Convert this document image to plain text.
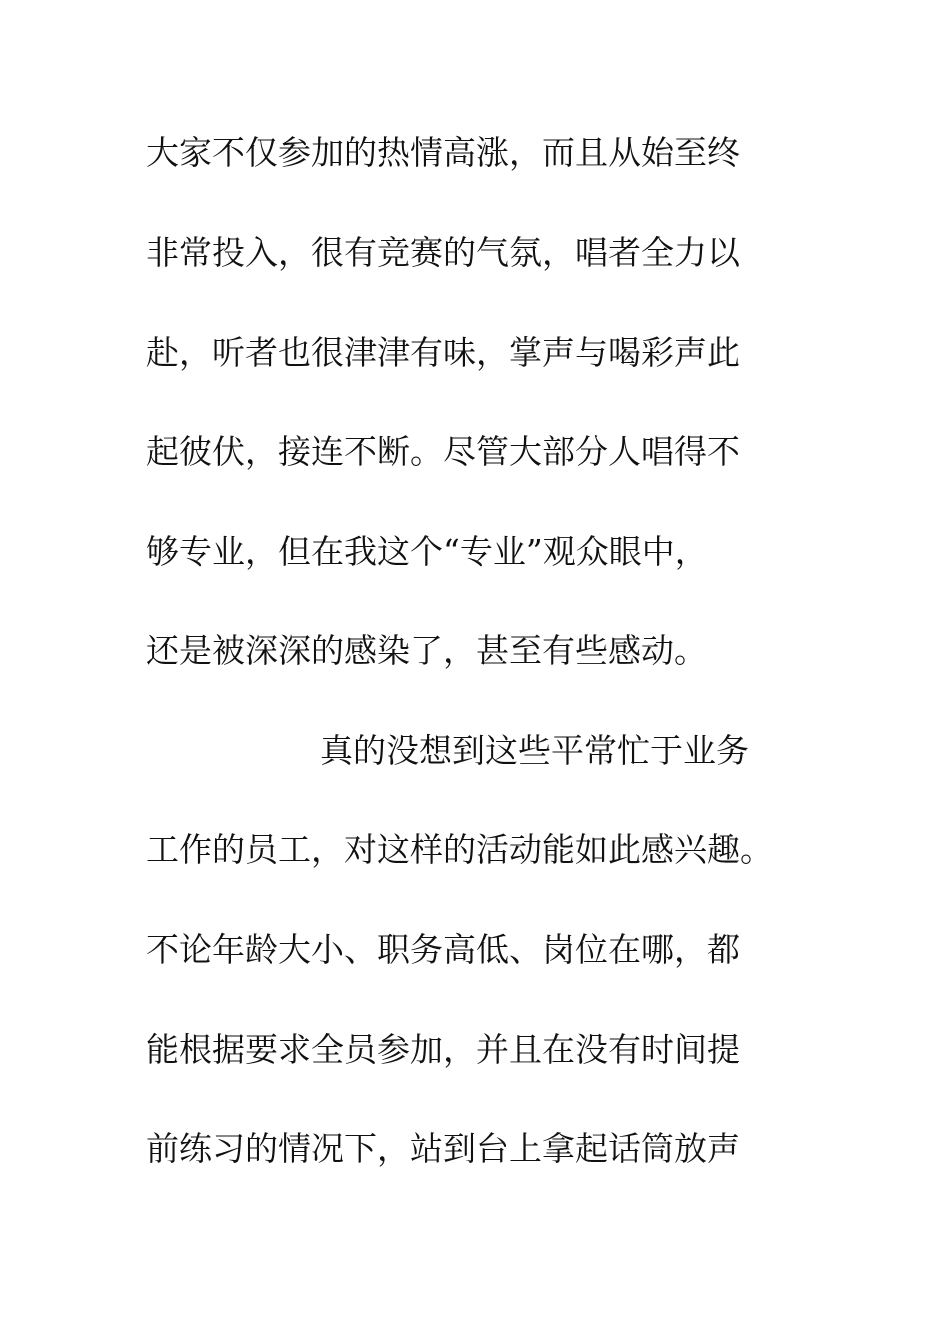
大家不仅参加的热情高涨，而且从始至终
非常投入，很有竞赛的气氛，唱者全力以
赴，听者也很津津有味，掌声与喝彩声此
起彼伏，接连不断。尽管大部分人唱得不
够专业，但在我这个“专业”观众眼中，
还是被深深的感染了，甚至有些感动。
真的没想到这些平常忙于业务
工作的员工，对这样的活动能如此感兴趣。
不论年龄大小、职务高低、岗位在哪，都
能根据要求全员参加，并且在没有时间提
前练习的情况下，站到台上拿起话筒放声
